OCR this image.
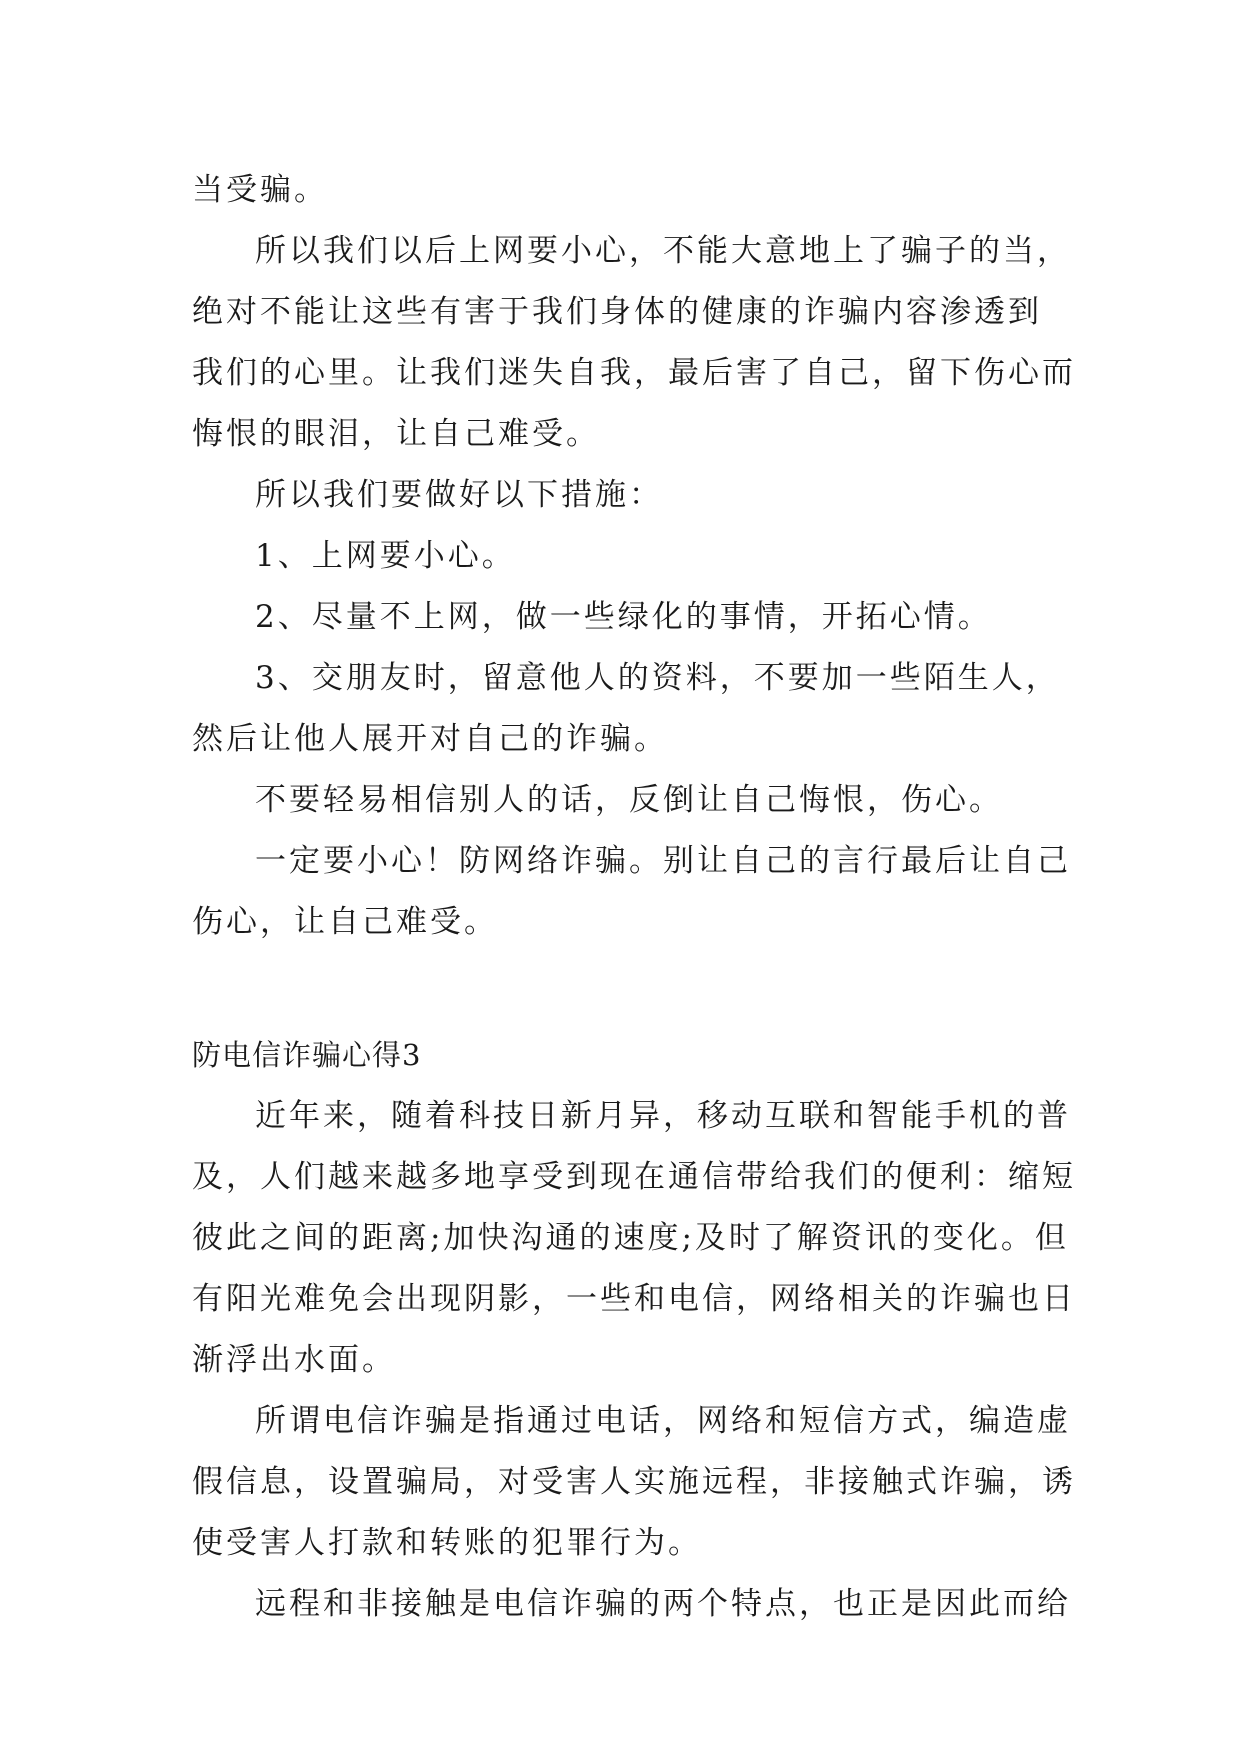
当受骗。
所以我们以后上网要小心，不能大意地上了骗子的当，
绝对不能让这些有害于我们身体的健康的诈骗内容渗透到
我们的心里。让我们迷失自我，最后害了自己，留下伤心而
悔恨的眼泪，让自己难受。
所以我们要做好以下措施：
1、上网要小心。
2、尽量不上网，做一些绿化的事情，开拓心情。
3、交朋友时，留意他人的资料，不要加一些陌生人，
然后让他人展开对自己的诈骗。
不要轻易相信别人的话，反倒让自己悔恨，伤心。
一定要小心！防网络诈骗。别让自己的言行最后让自己
伤心，让自己难受。
防电信诈骗心得3
近年来，随着科技日新月异，移动互联和智能手机的普
及，人们越来越多地享受到现在通信带给我们的便利：缩短
彼此之间的距离;加快沟通的速度;及时了解资讯的变化。但
有阳光难免会出现阴影，一些和电信，网络相关的诈骗也日
渐浮出水面。
所谓电信诈骗是指通过电话，网络和短信方式，编造虚
假信息，设置骗局，对受害人实施远程，非接触式诈骗，诱
使受害人打款和转账的犯罪行为。
远程和非接触是电信诈骗的两个特点，也正是因此而给
